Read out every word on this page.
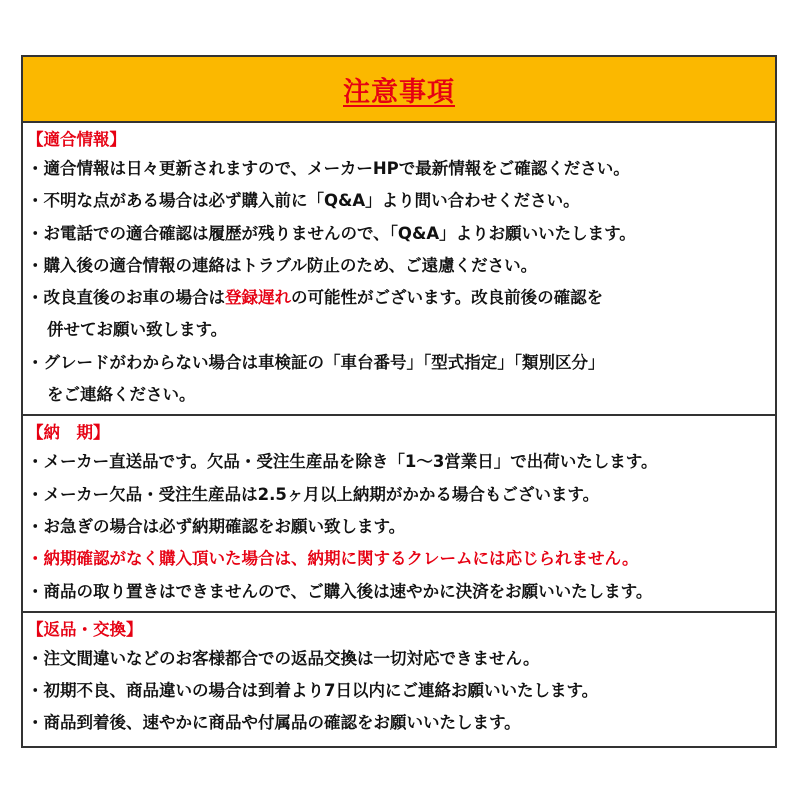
注意事項
【適合情報】
・適合情報は日々更新されますので、メーカーHPで最新情報をご確認ください。
・不明な点がある場合は必ず購入前に「Q&A」より問い合わせください。
・お電話での適合確認は履歴が残りませんので、「Q&A」よりお願いいたします。
・購入後の適合情報の連絡はトラブル防止のため、ご遠慮ください。
・改良直後のお車の場合は登録遅れの可能性がございます。改良前後の確認を
併せてお願い致します。
・グレードがわからない場合は車検証の「車台番号」「型式指定」「類別区分」
をご連絡ください。
【納　期】
・メーカー直送品です。欠品・受注生産品を除き「1～3営業日」で出荷いたします。
・メーカー欠品・受注生産品は2.5ヶ月以上納期がかかる場合もございます。
・お急ぎの場合は必ず納期確認をお願い致します。
・納期確認がなく購入頂いた場合は、納期に関するクレームには応じられません。
・商品の取り置きはできませんので、ご購入後は速やかに決済をお願いいたします。
【返品・交換】
・注文間違いなどのお客様都合での返品交換は一切対応できません。
・初期不良、商品違いの場合は到着より7日以内にご連絡お願いいたします。
・商品到着後、速やかに商品や付属品の確認をお願いいたします。
